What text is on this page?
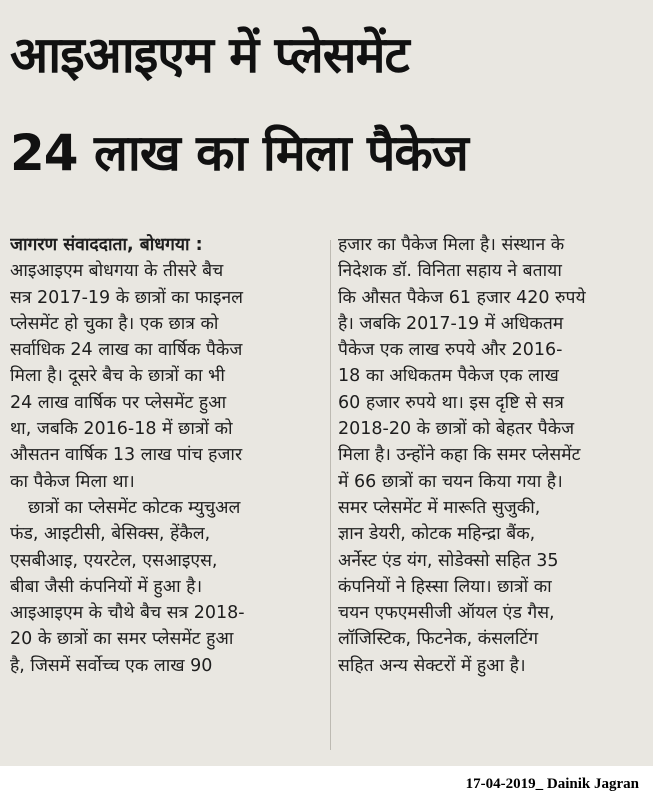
आइआइएम में प्लेसमेंट
24 लाख का मिला पैकेज
जागरण संवाददाता, बोधगया :
आइआइएम बोधगया के तीसरे बैच
सत्र 2017-19 के छात्रों का फाइनल
प्लेसमेंट हो चुका है। एक छात्र को
सर्वाधिक 24 लाख का वार्षिक पैकेज
मिला है। दूसरे बैच के छात्रों का भी
24 लाख वार्षिक पर प्लेसमेंट हुआ
था, जबकि 2016-18 में छात्रों को
औसतन वार्षिक 13 लाख पांच हजार
का पैकेज मिला था।
छात्रों का प्लेसमेंट कोटक म्युचुअल
फंड, आइटीसी, बेसिक्स, हेंकैल,
एसबीआइ, एयरटेल, एसआइएस,
बीबा जैसी कंपनियों में हुआ है।
आइआइएम के चौथे बैच सत्र 2018-
20 के छात्रों का समर प्लेसमेंट हुआ
है, जिसमें सर्वोच्च एक लाख 90
हजार का पैकेज मिला है। संस्थान के
निदेशक डॉ. विनिता सहाय ने बताया
कि औसत पैकेज 61 हजार 420 रुपये
है। जबकि 2017-19 में अधिकतम
पैकेज एक लाख रुपये और 2016-
18 का अधिकतम पैकेज एक लाख
60 हजार रुपये था। इस दृष्टि से सत्र
2018-20 के छात्रों को बेहतर पैकेज
मिला है। उन्होंने कहा कि समर प्लेसमेंट
में 66 छात्रों का चयन किया गया है।
समर प्लेसमेंट में मारूति सुजुकी,
ज्ञान डेयरी, कोटक महिन्द्रा बैंक,
अर्नेस्ट एंड यंग, सोडेक्सो सहित 35
कंपनियों ने हिस्सा लिया। छात्रों का
चयन एफएमसीजी ऑयल एंड गैस,
लॉजिस्टिक, फिटनेक, कंसलटिंग
सहित अन्य सेक्टरों में हुआ है।
17-04-2019_ Dainik Jagran
